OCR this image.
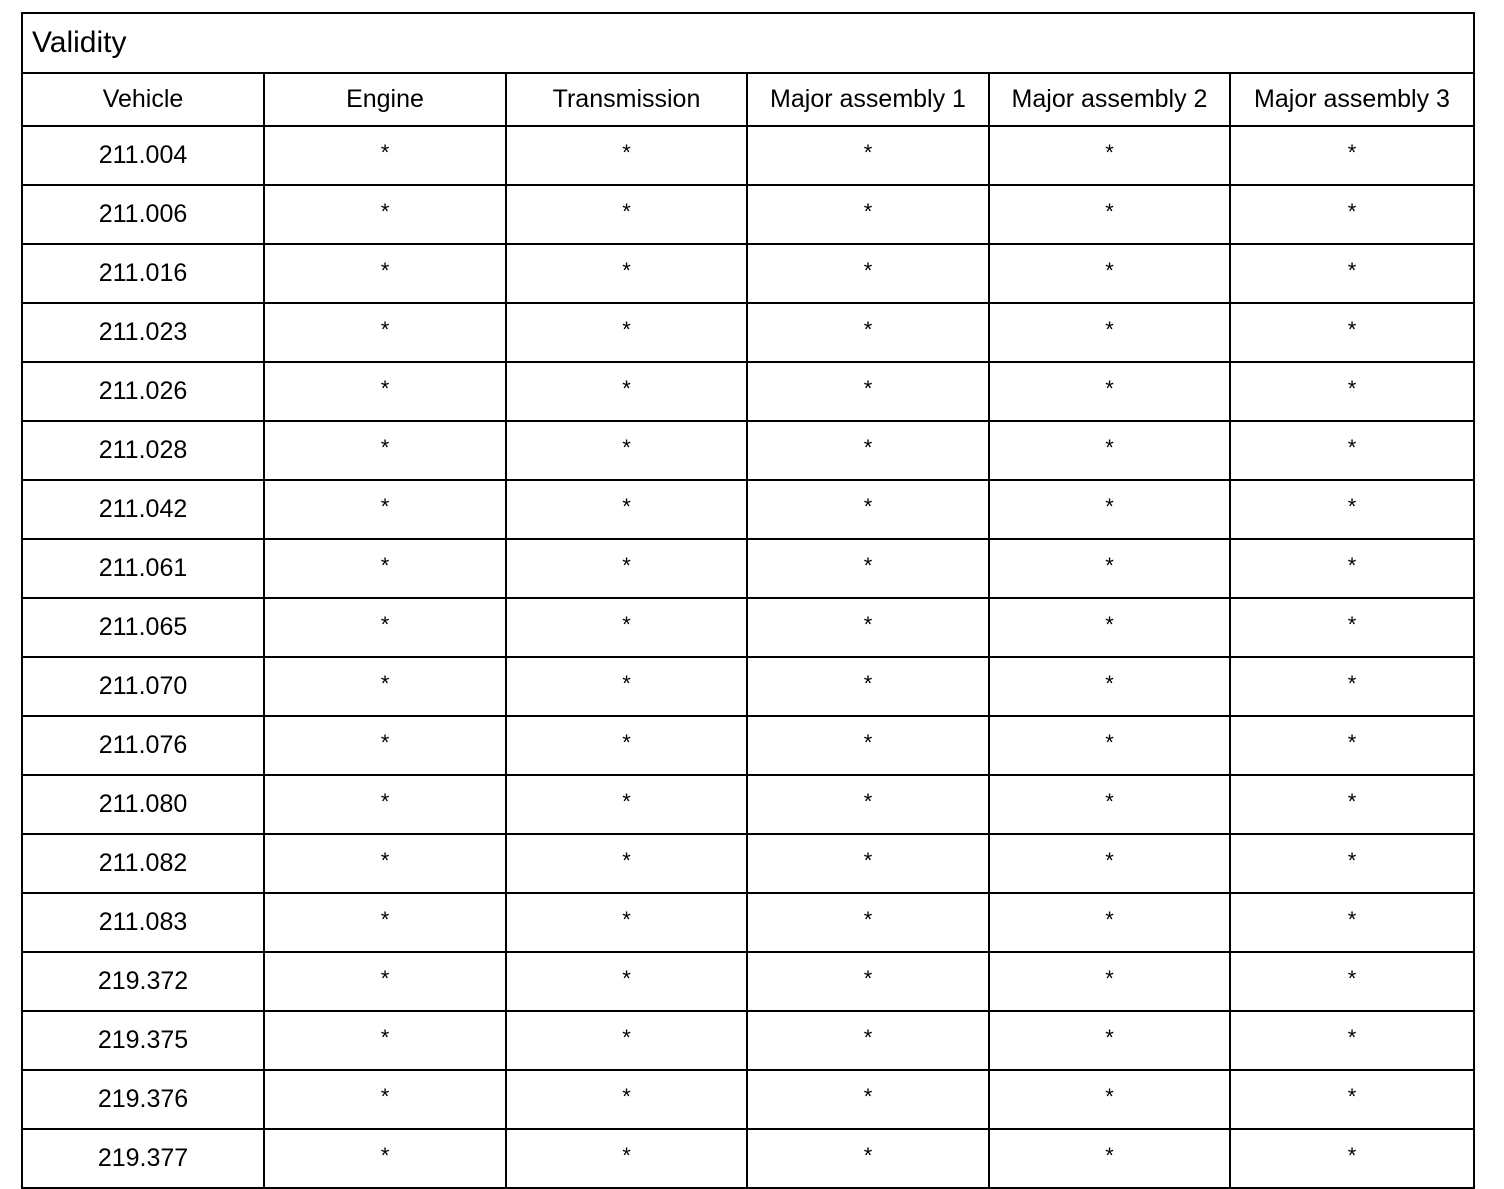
Validity					
Vehicle	Engine	Transmission	Major assembly 1	Major assembly 2	Major assembly 3
211.004	*	*	*	*	*
211.006	*	*	*	*	*
211.016	*	*	*	*	*
211.023	*	*	*	*	*
211.026	*	*	*	*	*
211.028	*	*	*	*	*
211.042	*	*	*	*	*
211.061	*	*	*	*	*
211.065	*	*	*	*	*
211.070	*	*	*	*	*
211.076	*	*	*	*	*
211.080	*	*	*	*	*
211.082	*	*	*	*	*
211.083	*	*	*	*	*
219.372	*	*	*	*	*
219.375	*	*	*	*	*
219.376	*	*	*	*	*
219.377	*	*	*	*	*
